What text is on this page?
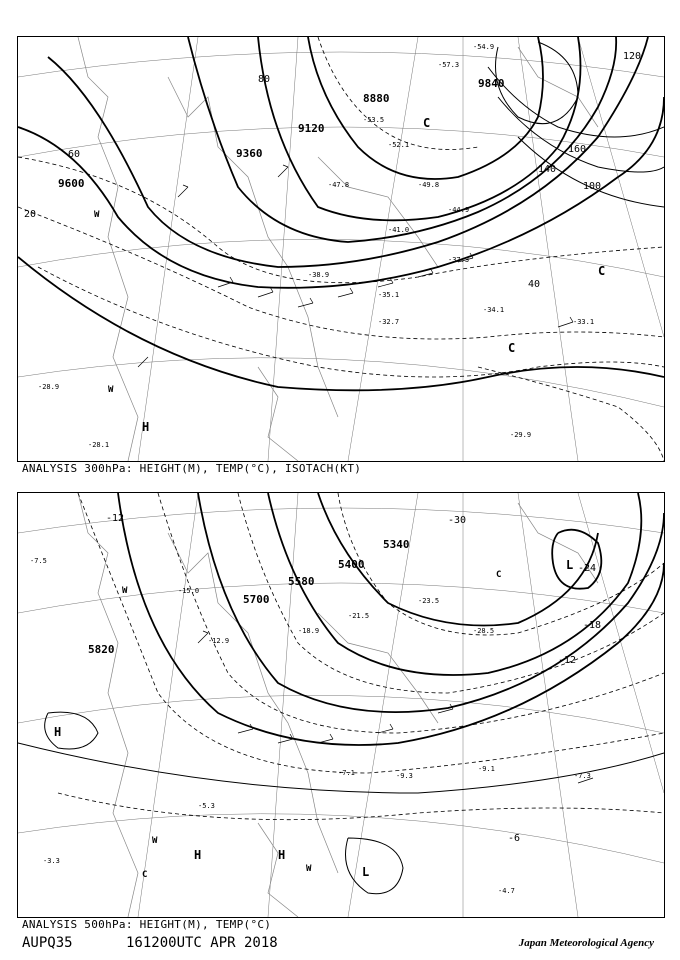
9840
9360
9600
9120
8880
20
40
60
80
100
120
140
160
-57.3
-54.9
-53.5
-52.1
-49.8
-47.8
-44.9
-41.0
-38.9
-37.3
-35.1
-34.1
-33.1
-32.7
-29.9
-28.9
-28.1
H
W
W
C
C
C
ANALYSIS 300hPa: HEIGHT(M), TEMP(°C), ISOTACH(KT)
5700
5580
5400
5340
5820
-6
-12
-18
-24
-30
-12
-7.5
-12.9
-15.0
-18.9
-21.5
-23.5
-28.5
-9.3	-7.3
-9.1
-7.1
-4.7
-3.3
-5.3
H
H	H
L
L
W
W
W
C
C
ANALYSIS 500hPa: HEIGHT(M), TEMP(°C)
AUPQ35	161200UTC APR 2018	Japan Meteorological Agency
